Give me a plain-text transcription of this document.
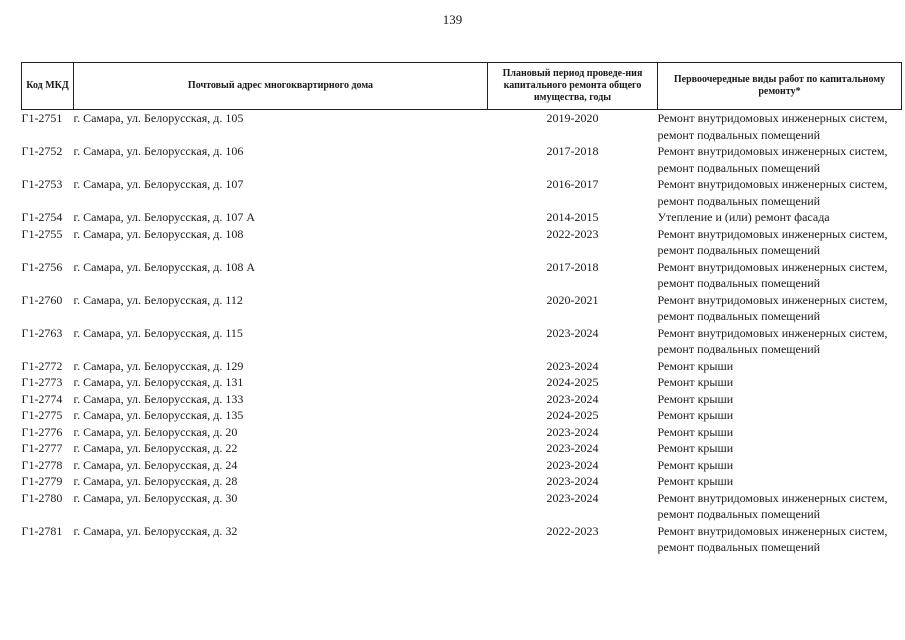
139
Код МКД	Почтовый адрес многоквартирного дома	Плановый период проведе-ния капитального ремонта общего имущества, годы	Первоочередные виды работ по капитальному ремонту*
Г1-2751	г. Самара, ул. Белорусская, д. 105	2019-2020	Ремонт внутридомовых инженерных систем,
ремонт подвальных помещений

Г1-2752	г. Самара, ул. Белорусская, д. 106	2017-2018	Ремонт внутридомовых инженерных систем,
ремонт подвальных помещений

Г1-2753	г. Самара, ул. Белорусская, д. 107	2016-2017	Ремонт внутридомовых инженерных систем,
ремонт подвальных помещений

Г1-2754	г. Самара, ул. Белорусская, д. 107 А	2014-2015	Утепление и (или) ремонт фасада

Г1-2755	г. Самара, ул. Белорусская, д. 108	2022-2023	Ремонт внутридомовых инженерных систем,
ремонт подвальных помещений

Г1-2756	г. Самара, ул. Белорусская, д. 108 А	2017-2018	Ремонт внутридомовых инженерных систем,
ремонт подвальных помещений

Г1-2760	г. Самара, ул. Белорусская, д. 112	2020-2021	Ремонт внутридомовых инженерных систем,
ремонт подвальных помещений

Г1-2763	г. Самара, ул. Белорусская, д. 115	2023-2024	Ремонт внутридомовых инженерных систем,
ремонт подвальных помещений

Г1-2772	г. Самара, ул. Белорусская, д. 129	2023-2024	Ремонт крыши

Г1-2773	г. Самара, ул. Белорусская, д. 131	2024-2025	Ремонт крыши

Г1-2774	г. Самара, ул. Белорусская, д. 133	2023-2024	Ремонт крыши

Г1-2775	г. Самара, ул. Белорусская, д. 135	2024-2025	Ремонт крыши

Г1-2776	г. Самара, ул. Белорусская, д. 20	2023-2024	Ремонт крыши

Г1-2777	г. Самара, ул. Белорусская, д. 22	2023-2024	Ремонт крыши

Г1-2778	г. Самара, ул. Белорусская, д. 24	2023-2024	Ремонт крыши

Г1-2779	г. Самара, ул. Белорусская, д. 28	2023-2024	Ремонт крыши

Г1-2780	г. Самара, ул. Белорусская, д. 30	2023-2024	Ремонт внутридомовых инженерных систем,
ремонт подвальных помещений

Г1-2781	г. Самара, ул. Белорусская, д. 32	2022-2023	Ремонт внутридомовых инженерных систем,
ремонт подвальных помещений
